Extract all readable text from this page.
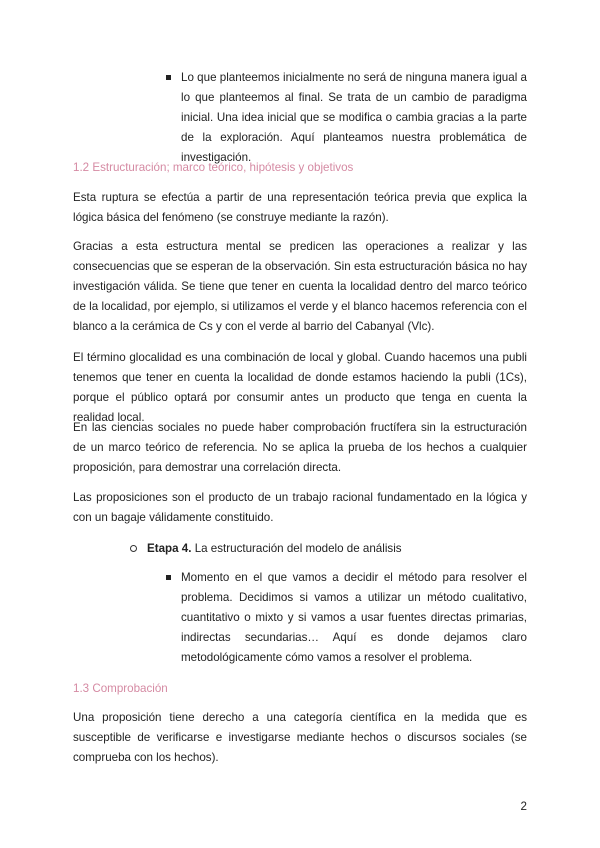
Lo que planteemos inicialmente no será de ninguna manera igual a lo que planteemos al final. Se trata de un cambio de paradigma inicial. Una idea inicial que se modifica o cambia gracias a la parte de la exploración. Aquí planteamos nuestra problemática de investigación.

1.2 Estructuración; marco teórico, hipótesis y objetivos

Esta ruptura se efectúa a partir de una representación teórica previa que explica la lógica básica del fenómeno (se construye mediante la razón).

Gracias a esta estructura mental se predicen las operaciones a realizar y las consecuencias que se esperan de la observación. Sin esta estructuración básica no hay investigación válida. Se tiene que tener en cuenta la localidad dentro del marco teórico de la localidad, por ejemplo, si utilizamos el verde y el blanco hacemos referencia con el blanco a la cerámica de Cs y con el verde al barrio del Cabanyal (Vlc).

El término glocalidad es una combinación de local y global. Cuando hacemos una publi tenemos que tener en cuenta la localidad de donde estamos haciendo la publi (1Cs), porque el público optará por consumir antes un producto que tenga en cuenta la realidad local.

En las ciencias sociales no puede haber comprobación fructífera sin la estructuración de un marco teórico de referencia. No se aplica la prueba de los hechos a cualquier proposición, para demostrar una correlación directa.

Las proposiciones son el producto de un trabajo racional fundamentado en la lógica y con un bagaje válidamente constituido.

Etapa 4. La estructuración del modelo de análisis

Momento en el que vamos a decidir el método para resolver el problema. Decidimos si vamos a utilizar un método cualitativo, cuantitativo o mixto y si vamos a usar fuentes directas primarias, indirectas secundarias… Aquí es donde dejamos claro metodológicamente cómo vamos a resolver el problema.

1.3 Comprobación

Una proposición tiene derecho a una categoría científica en la medida que es susceptible de verificarse e investigarse mediante hechos o discursos sociales (se comprueba con los hechos).

2
